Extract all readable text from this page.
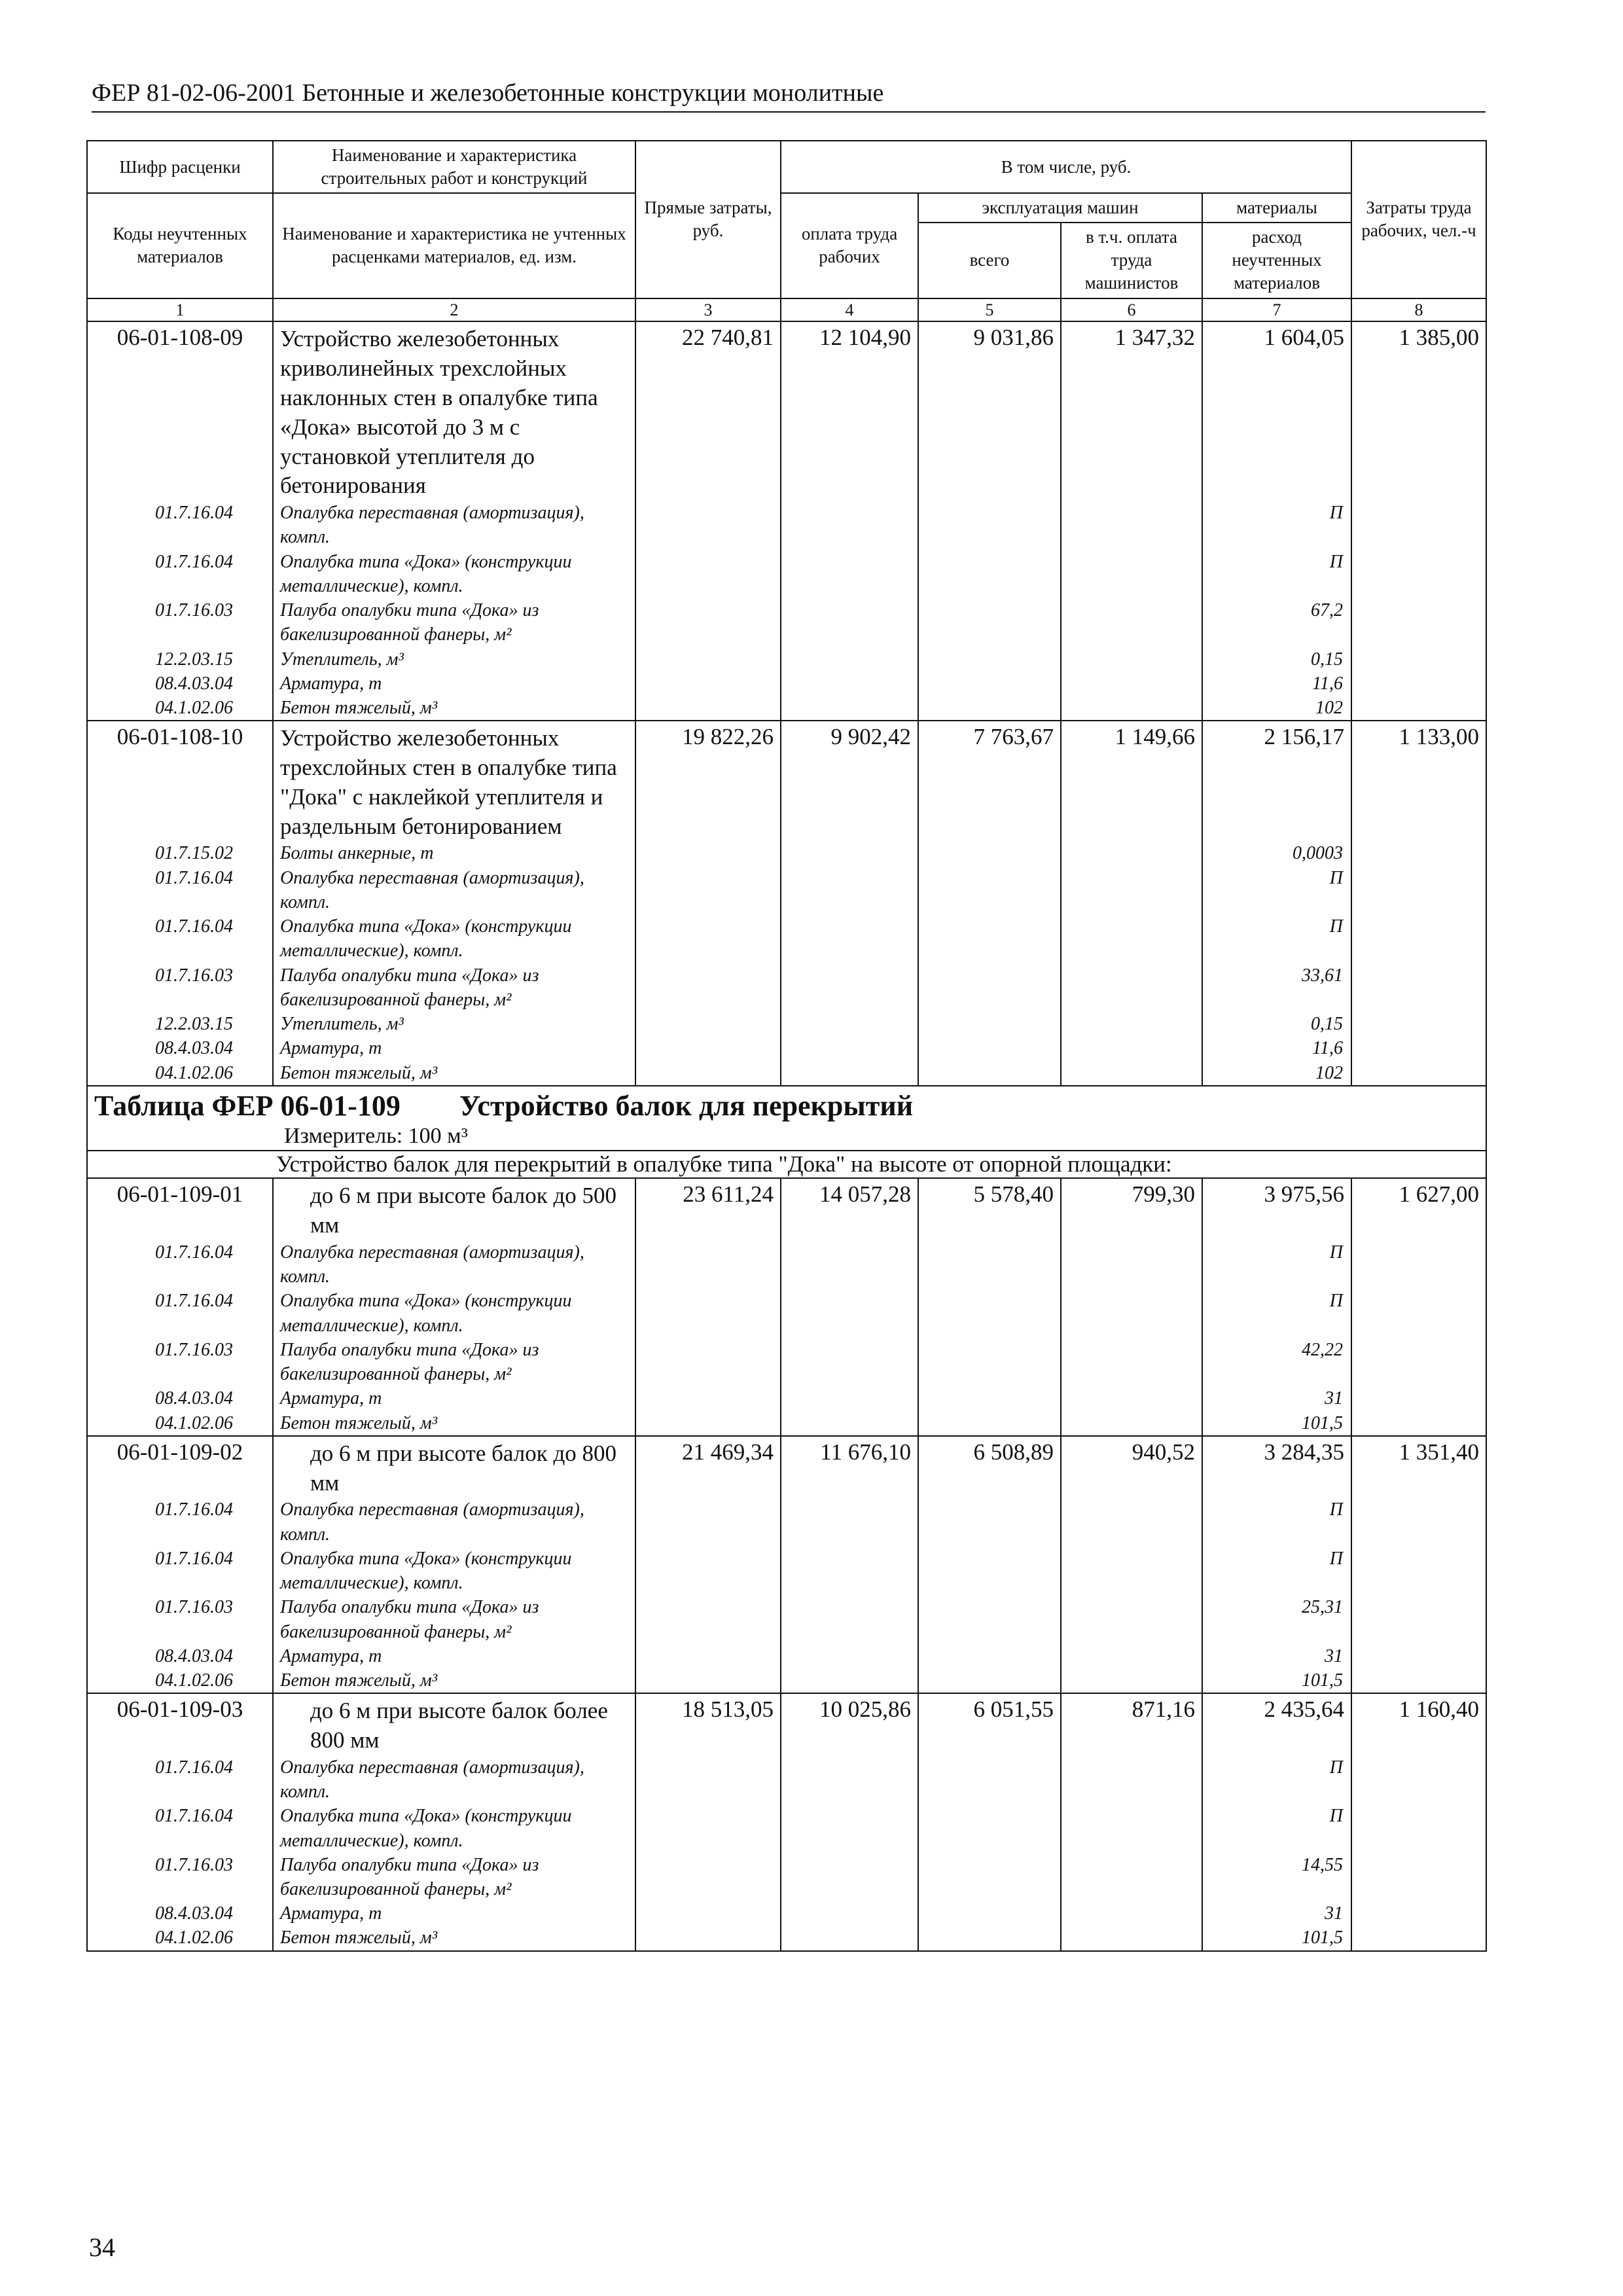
ФЕР 81-02-06-2001 Бетонные и железобетонные конструкции монолитные
Шифр расценки	Наименование и характеристика строительных работ и конструкций	Прямые затраты, руб.	В том числе, руб.				Затраты труда рабочих, чел.-ч
Коды неучтенных материалов	Наименование и характеристика не учтенных расценками материалов, ед. изм.		оплата труда рабочих	эксплуатация машин		материалы	
				всего	в т.ч. оплата труда машинистов	расход неучтенных материалов	

1	2	3	4	5	6	7	8
06-01-108-09	Устройство железобетонных криволинейных трехслойных наклонных стен в опалубке типа «Дока» высотой до 3 м с установкой утеплителя до бетонирования	22 740,81	12 104,90	9 031,86	1 347,32	1 604,05	1 385,00
01.7.16.04	Опалубка переставная (амортизация), компл.					П	
01.7.16.04	Опалубка типа «Дока» (конструкции металлические), компл.					П	
01.7.16.03	Палуба опалубки типа «Дока» из бакелизированной фанеры, м²					67,2	
12.2.03.15	Утеплитель, м³					0,15	
08.4.03.04	Арматура, т					11,6	
04.1.02.06	Бетон тяжелый, м³					102	
06-01-108-10	Устройство железобетонных трехслойных стен в опалубке типа "Дока" с наклейкой утеплителя и раздельным бетонированием	19 822,26	9 902,42	7 763,67	1 149,66	2 156,17	1 133,00
01.7.15.02	Болты анкерные, т					0,0003	
01.7.16.04	Опалубка переставная (амортизация), компл.					П	
01.7.16.04	Опалубка типа «Дока» (конструкции металлические), компл.					П	
01.7.16.03	Палуба опалубки типа «Дока» из бакелизированной фанеры, м²					33,61	
12.2.03.15	Утеплитель, м³					0,15	
08.4.03.04	Арматура, т					11,6	
04.1.02.06	Бетон тяжелый, м³					102	

Таблица ФЕР 06-01-109 Устройство балок для перекрытий
Измеритель: 100 м³							

Устройство балок для перекрытий в опалубке типа "Дока" на высоте от опорной площадки:							
06-01-109-01	до 6 м при высоте балок до 500 мм	23 611,24	14 057,28	5 578,40	799,30	3 975,56	1 627,00
01.7.16.04	Опалубка переставная (амортизация), компл.					П	
01.7.16.04	Опалубка типа «Дока» (конструкции металлические), компл.					П	
01.7.16.03	Палуба опалубки типа «Дока» из бакелизированной фанеры, м²					42,22	
08.4.03.04	Арматура, т					31	
04.1.02.06	Бетон тяжелый, м³					101,5	
06-01-109-02	до 6 м при высоте балок до 800 мм	21 469,34	11 676,10	6 508,89	940,52	3 284,35	1 351,40
01.7.16.04	Опалубка переставная (амортизация), компл.					П	
01.7.16.04	Опалубка типа «Дока» (конструкции металлические), компл.					П	
01.7.16.03	Палуба опалубки типа «Дока» из бакелизированной фанеры, м²					25,31	
08.4.03.04	Арматура, т					31	
04.1.02.06	Бетон тяжелый, м³					101,5	
06-01-109-03	до 6 м при высоте балок более 800 мм	18 513,05	10 025,86	6 051,55	871,16	2 435,64	1 160,40
01.7.16.04	Опалубка переставная (амортизация), компл.					П	
01.7.16.04	Опалубка типа «Дока» (конструкции металлические), компл.					П	
01.7.16.03	Палуба опалубки типа «Дока» из бакелизированной фанеры, м²					14,55	
08.4.03.04	Арматура, т					31	
04.1.02.06	Бетон тяжелый, м³					101,5	
34
